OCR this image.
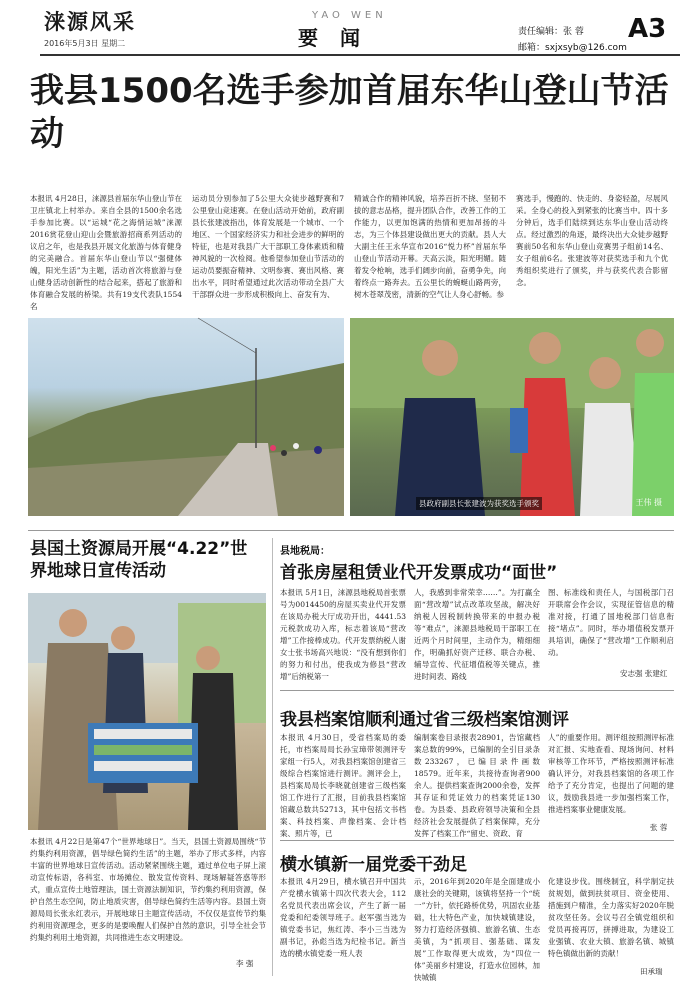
涞源风采
2016年5月3日 星期二
YAO WEN
要闻	责任编辑：张 蓉
邮箱：sxjxsyb@126.com
A3
我县1500名选手参加首届东华山登山节活动
本报讯 4月28日，涞源县首届东华山登山节在卫庄镇北上村举办。来自全县的1500余名选手参加比赛。以“运城“花之海悄运城”涞源2016赏花登山迎山会暨旅游招商系列活动的议启之年，也是我县开展文化旅游与体育健身的完美融合。首届东华山登山节以“强健体魄，阳光生活”为主题，活动首次将旅游与登山健身活动创新性的结合起来，搭起了旅游和体育融合发展的桥梁。共有19支代表队1554名
运动员分别参加了5公里大众徒步越野赛和7公里登山竞速赛。在登山活动开始前，政府副县长张建波指出，体育发展是一个城市、一个地区、一个国家经济实力和社会进步的鲜明的特征，也是对我县广大干部职工身体素质和精神风貌的一次检阅。他希望参加登山节活动的运动员要振奋精神、文明参赛、赛出风格、赛出水平，同时希望通过此次活动带动全县广大干部群众进一步形成积极向上、奋发有为、
精诚合作的精神风貌，培养百折不挠、坚韧不拔的意志品格，提升团队合作，改善工作的工作能力，以更加饱满的热情和更加昂扬的斗志，为三个体县建设做出更大的贡献。县人大大副主任王永华宣布2016“悦力杯”首届东华山登山节活动开幕。天高云淡，阳光明媚。随着发令枪响，选手们阔步向前，奋勇争先，向着终点一路奔去。五公里长的蜿蜒山路两旁，树木苍翠茂密，清新的空气让人身心舒畅。参
赛选手，慢跑的、快走的、身姿轻盈，尽展风采。全身心的投入到紧张的比赛当中。四十多分钟后，选手们陆续到达东华山登山活动终点。经过激烈的角逐，最终决出大众徒步越野赛前50名和东华山登山竞赛男子组前14名、女子组前6名。张建波等对获奖选手和九个优秀组织奖进行了颁奖，并与获奖代表合影留念。
县政府副县长张建波为获奖选手颁奖	王伟 摄
县国土资源局开展“4.22”世界地球日宣传活动
本报讯 4月22日是第47个“世界地球日”。当天，县国土资源局围绕“节约集约利用资源，倡导绿色简约生活”的主题，举办了形式多样，内容丰富的世界地球日宣传活动。活动紧紧围绕主题，通过单位电子屏上滚动宣传标语，各科室、市场摊位、散发宣传资料、现场解疑答惑等形式，重点宣传土地管理法，国土资源法制知识，节约集约利用资源，保护自然生态空间，防止地质灾害，倡导绿色简约生活等内容。县国土资源局局长张永红表示，开展地球日主题宣传活动，不仅仅是宣传节约集约利用资源理念，更多的是要唤醒人们保护自然的意识，引导全社会节约集约利用土地资源，共同推进生态文明建设。
李 强
县地税局：
首张房屋租赁业代开发票成功“面世”
本报讯 5月1日，涞源县地税局首张票号为0014450的房屋买卖业代开发票在该局办税大厅成功开出，4441.53元税款成功入库，标志着该局“营改增”工作接棒成功。代开发票纳税人谢女士张书场高兴地说：“没有想到你们的努力和付出，使我成为修县“营改增”后纳税第一
人，我感到非常荣幸……”。为打赢全面“营改增”试点改革攻坚战，解决好纳税人因税制转换带来的申报办税等“难点”，涞源县地税局干部职工在近两个月时间里，主动作为，精细细作，明确抓好资产迁移、联合办税、辅导宣传、代征增值税等关键点，推进时间表、路线
图、标准线和责任人，与国税部门召开联席会作会议，实现征管信息的精准对接，打通了国地税部门信息衔接“堵点”。同时，举办增值税发票开具培训，确保了“营改增”工作顺利启动。
安志强 张建红
我县档案馆顺利通过省三级档案馆测评
本报讯 4月30日，受省档案局的委托，市档案局局长孙宝璋带领测评专家组一行5人，对我县档案馆创建省三级综合档案馆进行测评。测评会上，县档案局局长李晓就创建省三级档案馆工作进行了汇报，目前我县档案馆馆藏总数共52713，其中包括文书档案、科技档案、声像档案、会计档案、照片等，已
编制案卷目录报表28901，告馆藏档案总数的99%，已编制的全引目录条数233267，已编目录件画数18579。近年来，共接待查询者900余人。提供档案查询2000余卷，发挥其存证和凭证效力的档案凭证130卷。为县委、县政府领导决策和全县经济社会发展提供了档案保障，充分发挥了档案工作“留史、资政、育
人”的重要作用。测评组按照测评标准对汇报、实地查看、现场询问、材料审核等工作环节，严格按照测评标准确认评分，对我县档案馆的各项工作给予了充分肯定，也提出了问题的建议，鼓励我县进一步加强档案工作，推进档案事业健康发展。
张 蓉
横水镇新一届党委干劲足
本报讯 4月29日，横水镇召开中国共产党横水镇第十四次代表大会，112名党员代表出席会议，产生了新一届党委和纪委领导班子。赵军强当选为镇党委书记，焦红涛、李小三当选为副书记，孙彪当选为纪检书记。新当选的横水镇党委一班人表
示，2016年到2020年是全面建成小康社会的关键期，该镇将坚持一个“统一”方针，依托路桥优势，巩固农业基础，壮大特色产业，加快城镇建设，努力打造经济强镇、旅游名镇、生态美镇，为“抓项目、强基础、谋发展”工作取得更大成效，为“四位一体”美丽乡村建设，打造水位园林，加快城镇
化建设步伐。围绕制宜，科学制定扶贫规划，做到扶贫项目、资金使用、措施到户精准，全力落实好2020年脱贫攻坚任务。会议号召全镇党组织和党员再接再厉，拼搏进取，为建设工业强镇、农业大镇、旅游名镇、城镇特色镇做出新的贡献！
田承瑞
